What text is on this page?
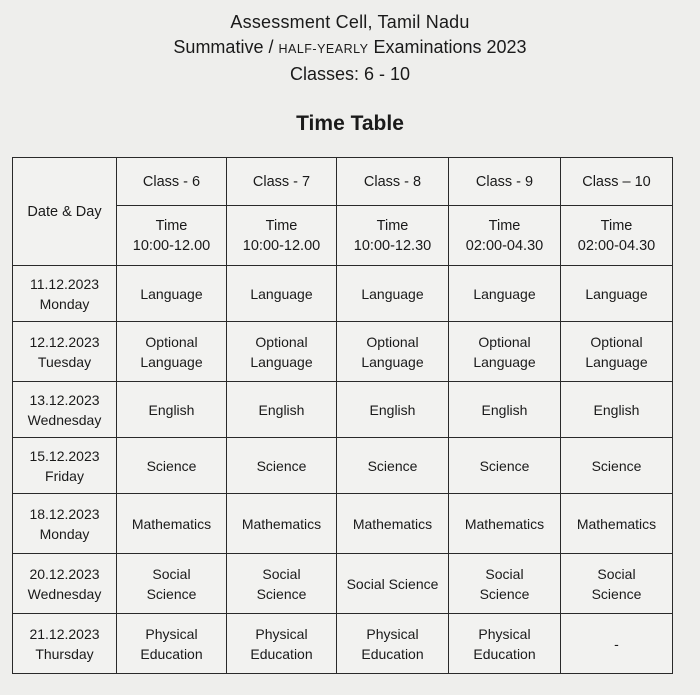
Assessment Cell, Tamil Nadu
Summative / HALF-YEARLY Examinations 2023
Classes: 6 - 10
Time Table
Date & Day	Class - 6	Class - 7	Class - 8	Class - 9	Class – 10

	Time
10:00-12.00	Time
10:00-12.00	Time
10:00-12.30	Time
02:00-04.30	Time
02:00-04.30

11.12.2023
Monday	Language	Language	Language	Language	Language

12.12.2023
Tuesday	Optional
Language	Optional
Language	Optional
Language	Optional
Language	Optional
Language

13.12.2023
Wednesday	English	English	English	English	English

15.12.2023
Friday	Science	Science	Science	Science	Science

18.12.2023
Monday	Mathematics	Mathematics	Mathematics	Mathematics	Mathematics

20.12.2023
Wednesday	Social
Science	Social
Science	Social Science	Social
Science	Social
Science

21.12.2023
Thursday	Physical
Education	Physical
Education	Physical
Education	Physical
Education	-
